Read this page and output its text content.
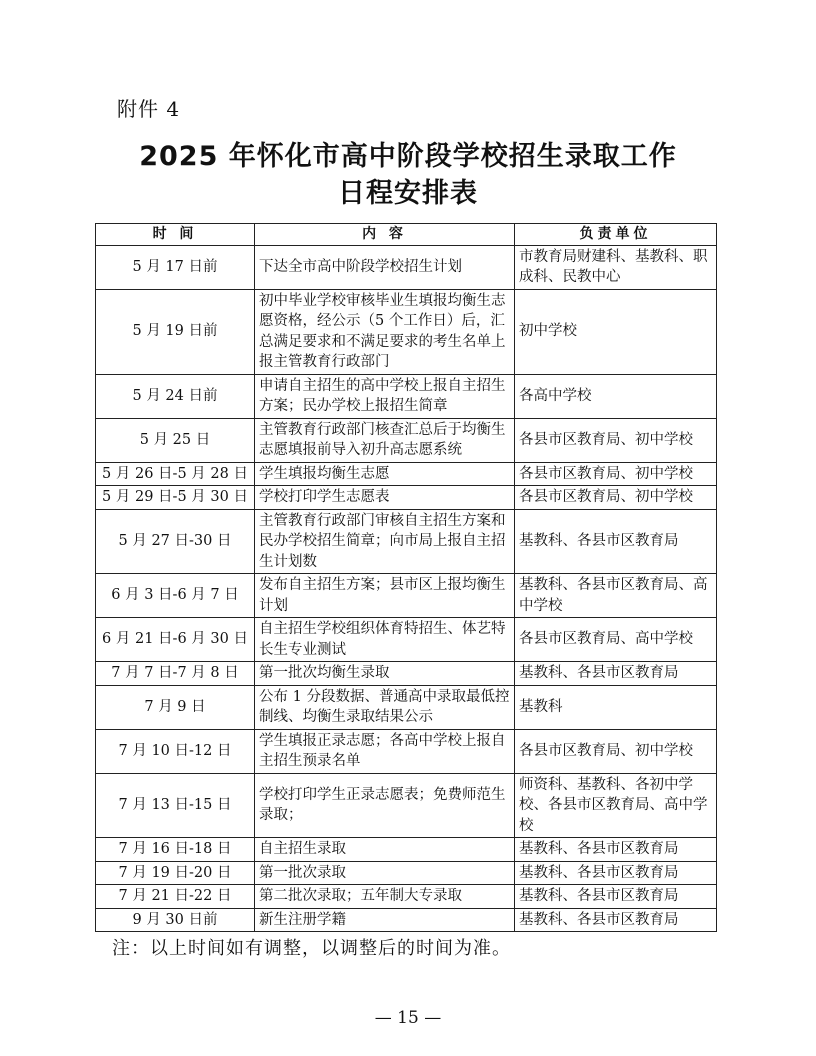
附件 4
2025 年怀化市高中阶段学校招生录取工作
日程安排表
时 间	内 容	负责单位
5 月 17 日前	下达全市高中阶段学校招生计划	市教育局财建科、基教科、职成科、民教中心
5 月 19 日前	初中毕业学校审核毕业生填报均衡生志愿资格，经公示（5 个工作日）后，汇总满足要求和不满足要求的考生名单上报主管教育行政部门	初中学校
5 月 24 日前	申请自主招生的高中学校上报自主招生方案；民办学校上报招生简章	各高中学校
5 月 25 日	主管教育行政部门核查汇总后于均衡生志愿填报前导入初升高志愿系统	各县市区教育局、初中学校
5 月 26 日-5 月 28 日	学生填报均衡生志愿	各县市区教育局、初中学校
5 月 29 日-5 月 30 日	学校打印学生志愿表	各县市区教育局、初中学校
5 月 27 日-30 日	主管教育行政部门审核自主招生方案和民办学校招生简章；向市局上报自主招生计划数	基教科、各县市区教育局
6 月 3 日-6 月 7 日	发布自主招生方案；县市区上报均衡生计划	基教科、各县市区教育局、高中学校
6 月 21 日-6 月 30 日	自主招生学校组织体育特招生、体艺特长生专业测试	各县市区教育局、高中学校
7 月 7 日-7 月 8 日	第一批次均衡生录取	基教科、各县市区教育局
7 月 9 日	公布 1 分段数据、普通高中录取最低控制线、均衡生录取结果公示	基教科
7 月 10 日-12 日	学生填报正录志愿；各高中学校上报自主招生预录名单	各县市区教育局、初中学校
7 月 13 日-15 日	学校打印学生正录志愿表；免费师范生录取；	师资科、基教科、各初中学校、各县市区教育局、高中学校
7 月 16 日-18 日	自主招生录取	基教科、各县市区教育局
7 月 19 日-20 日	第一批次录取	基教科、各县市区教育局
7 月 21 日-22 日	第二批次录取；五年制大专录取	基教科、各县市区教育局
9 月 30 日前	新生注册学籍	基教科、各县市区教育局
注：以上时间如有调整，以调整后的时间为准。
— 15 —
